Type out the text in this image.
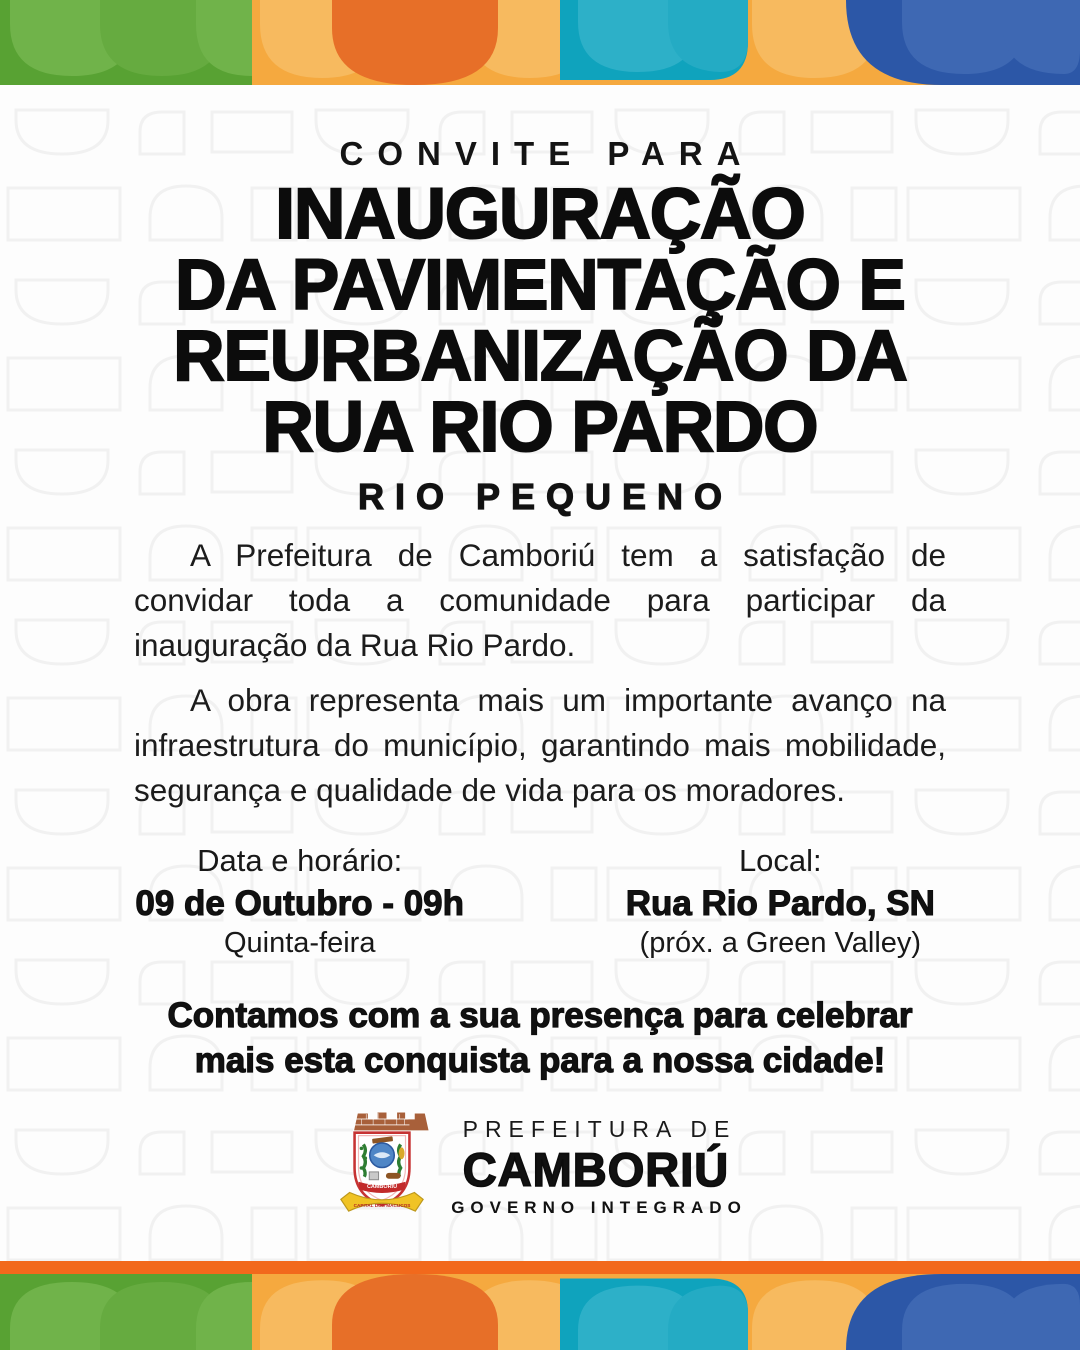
CONVITE PARA
INAUGURAÇÃO
DA PAVIMENTAÇÃO E
REURBANIZAÇÃO DA
RUA RIO PARDO
RIO PEQUENO

A Prefeitura de Camboriú tem a satisfação de convidar toda a comunidade para participar da inauguração da Rua Rio Pardo.

A obra representa mais um importante avanço na infraestrutura do município, garantindo mais mobilidade, segurança e qualidade de vida para os moradores.

Data e horário:
09 de Outubro - 09h
Quinta-feira
Local:
Rua Rio Pardo, SN
(próx. a Green Valley)
Contamos com a sua presença para celebrar
mais esta conquista para a nossa cidade!
CAMBORIÚ
CAPITAL DOS MACUCOS
PREFEITURA DE
CAMBORIÚ
GOVERNO INTEGRADO
